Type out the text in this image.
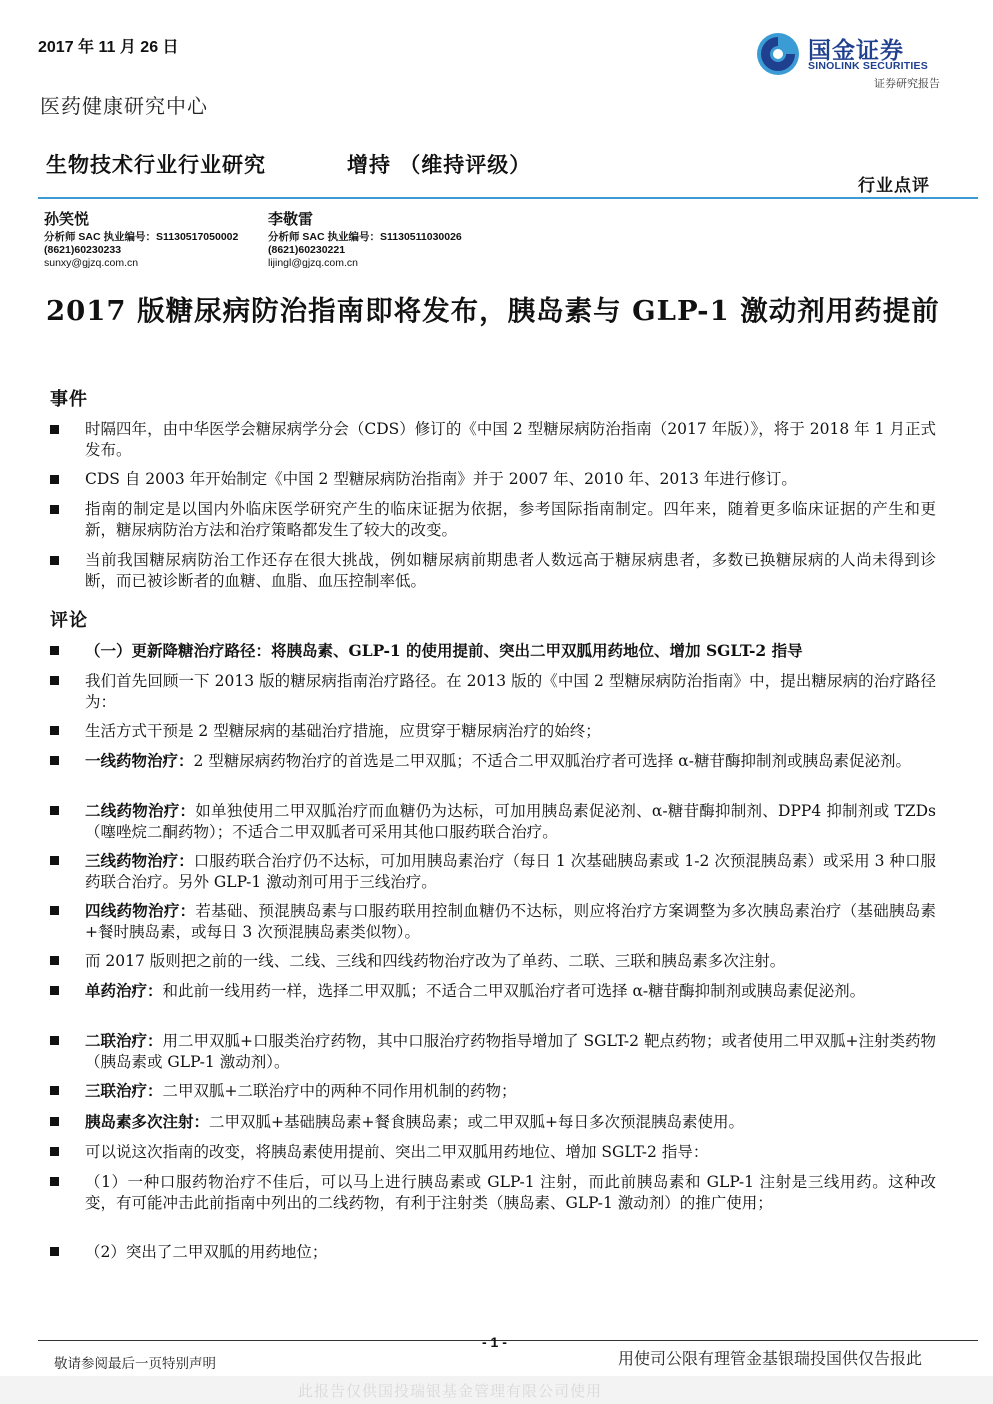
2017 年 11 月 26 日	国金证券
SINOLINK SECURITIES
证券研究报告
医药健康研究中心
生物技术行业行业研究	增持 （维持评级）
行业点评
孙笑悦
分析师 SAC 执业编号：S1130517050002
(8621)60230233
sunxy@gjzq.com.cn
李敬雷
分析师 SAC 执业编号：S1130511030026
(8621)60230221
lijingl@gjzq.com.cn
2017 版糖尿病防治指南即将发布，胰岛素与 GLP-1 激动剂用药提前
事件
时隔四年，由中华医学会糖尿病学分会（CDS）修订的《中国 2 型糖尿病防治指南（2017 年版）》，将于 2018 年 1 月正式发布。
CDS 自 2003 年开始制定《中国 2 型糖尿病防治指南》并于 2007 年、2010 年、2013 年进行修订。
指南的制定是以国内外临床医学研究产生的临床证据为依据，参考国际指南制定。四年来，随着更多临床证据的产生和更新，糖尿病防治方法和治疗策略都发生了较大的改变。
当前我国糖尿病防治工作还存在很大挑战，例如糖尿病前期患者人数远高于糖尿病患者，多数已换糖尿病的人尚未得到诊断，而已被诊断者的血糖、血脂、血压控制率低。
评论
（一）更新降糖治疗路径：将胰岛素、GLP-1 的使用提前、突出二甲双胍用药地位、增加 SGLT-2 指导
我们首先回顾一下 2013 版的糖尿病指南治疗路径。在 2013 版的《中国 2 型糖尿病防治指南》中，提出糖尿病的治疗路径为：
生活方式干预是 2 型糖尿病的基础治疗措施，应贯穿于糖尿病治疗的始终；
一线药物治疗：2 型糖尿病药物治疗的首选是二甲双胍；不适合二甲双胍治疗者可选择 α-糖苷酶抑制剂或胰岛素促泌剂。
二线药物治疗：如单独使用二甲双胍治疗而血糖仍为达标，可加用胰岛素促泌剂、α-糖苷酶抑制剂、DPP4 抑制剂或 TZDs（噻唑烷二酮药物）；不适合二甲双胍者可采用其他口服药联合治疗。
三线药物治疗：口服药联合治疗仍不达标，可加用胰岛素治疗（每日 1 次基础胰岛素或 1-2 次预混胰岛素）或采用 3 种口服药联合治疗。另外 GLP-1 激动剂可用于三线治疗。
四线药物治疗：若基础、预混胰岛素与口服药联用控制血糖仍不达标，则应将治疗方案调整为多次胰岛素治疗（基础胰岛素+餐时胰岛素，或每日 3 次预混胰岛素类似物）。
而 2017 版则把之前的一线、二线、三线和四线药物治疗改为了单药、二联、三联和胰岛素多次注射。
单药治疗：和此前一线用药一样，选择二甲双胍；不适合二甲双胍治疗者可选择 α-糖苷酶抑制剂或胰岛素促泌剂。
二联治疗：用二甲双胍+口服类治疗药物，其中口服治疗药物指导增加了 SGLT-2 靶点药物；或者使用二甲双胍+注射类药物（胰岛素或 GLP-1 激动剂）。
三联治疗：二甲双胍+二联治疗中的两种不同作用机制的药物；
胰岛素多次注射：二甲双胍+基础胰岛素+餐食胰岛素；或二甲双胍+每日多次预混胰岛素使用。
可以说这次指南的改变，将胰岛素使用提前、突出二甲双胍用药地位、增加 SGLT-2 指导：
（1）一种口服药物治疗不佳后，可以马上进行胰岛素或 GLP-1 注射，而此前胰岛素和 GLP-1 注射是三线用药。这种改变，有可能冲击此前指南中列出的二线药物，有利于注射类（胰岛素、GLP-1 激动剂）的推广使用；
（2）突出了二甲双胍的用药地位；
- 1 -
敬请参阅最后一页特别声明	用使司公限有理管金基银瑞投国供仅告报此
此报告仅供国投瑞银基金管理有限公司使用
